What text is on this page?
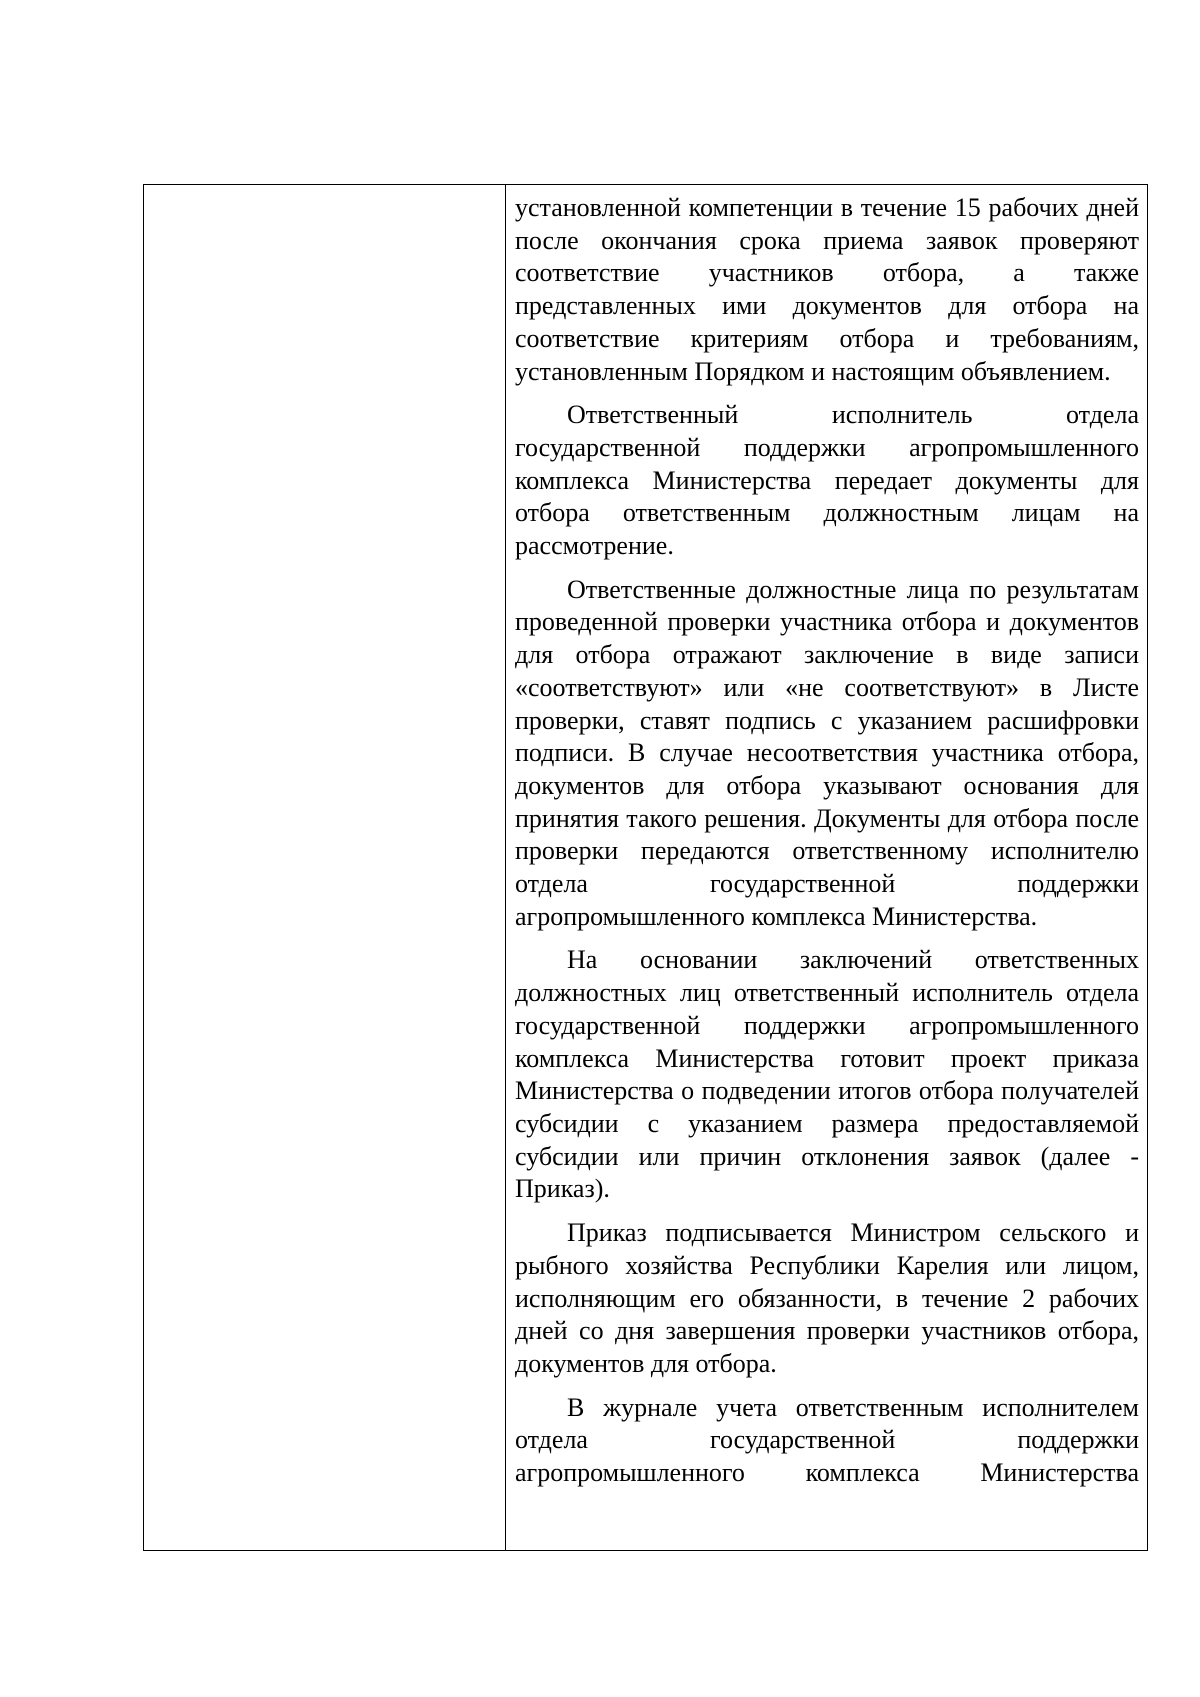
установленной компетенции в течение 15 рабочих дней после окончания срока приема заявок проверяют соответствие участников отбора, а также представленных ими документов для отбора на соответствие критериям отбора и требованиям, установленным Порядком и настоящим объявлением.

Ответственный исполнитель отдела государственной поддержки агропромышленного комплекса Министерства передает документы для отбора ответственным должностным лицам на рассмотрение.

Ответственные должностные лица по результатам проведенной проверки участника отбора и документов для отбора отражают заключение в виде записи «соответствуют» или «не соответствуют» в Листе проверки, ставят подпись с указанием расшифровки подписи. В случае несоответствия участника отбора, документов для отбора указывают основания для принятия такого решения. Документы для отбора после проверки передаются ответственному исполнителю отдела государственной поддержки агропромышленного комплекса Министерства.

На основании заключений ответственных должностных лиц ответственный исполнитель отдела государственной поддержки агропромышленного комплекса Министерства готовит проект приказа Министерства о подведении итогов отбора получателей субсидии с указанием размера предоставляемой субсидии или причин отклонения заявок (далее - Приказ).

Приказ подписывается Министром сельского и рыбного хозяйства Республики Карелия или лицом, исполняющим его обязанности, в течение 2 рабочих дней со дня завершения проверки участников отбора, документов для отбора.

В журнале учета ответственным исполнителем отдела государственной поддержки агропромышленного комплекса Министерства
